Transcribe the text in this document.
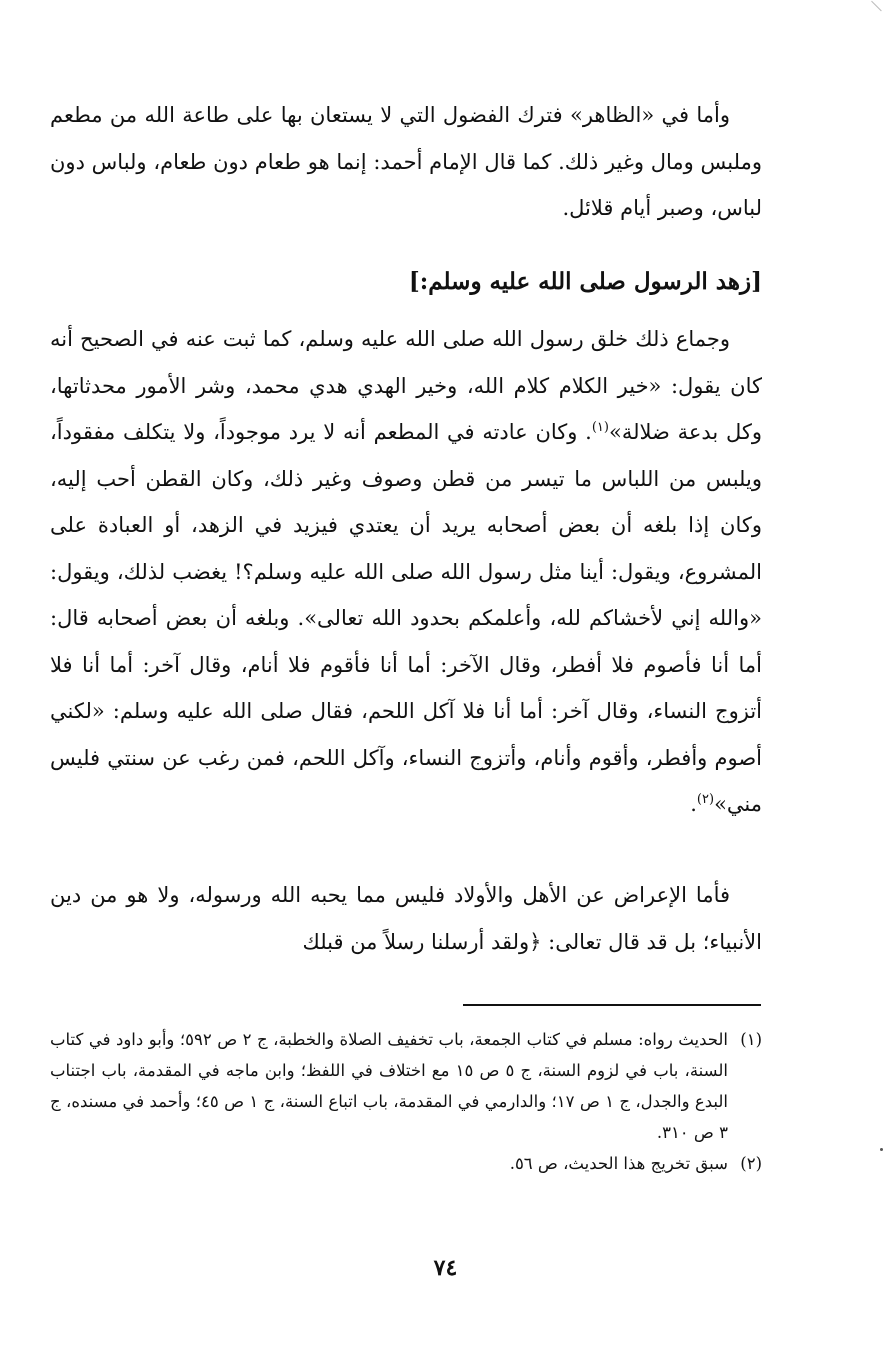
وأما في «الظاهر» فترك الفضول التي لا يستعان بها على طاعة الله من مطعم وملبس ومال وغير ذلك. كما قال الإمام أحمد: إنما هو طعام دون طعام، ولباس دون لباس، وصبر أيام قلائل.

[زهد الرسول صلى الله عليه وسلم:]

وجماع ذلك خلق رسول الله صلى الله عليه وسلم، كما ثبت عنه في الصحيح أنه كان يقول: «خير الكلام كلام الله، وخير الهدي هدي محمد، وشر الأمور محدثاتها، وكل بدعة ضلالة»$^{(١)}$. وكان عادته في المطعم أنه لا يرد موجوداً، ولا يتكلف مفقوداً، ويلبس من اللباس ما تيسر من قطن وصوف وغير ذلك، وكان القطن أحب إليه، وكان إذا بلغه أن بعض أصحابه يريد أن يعتدي فيزيد في الزهد، أو العبادة على المشروع، ويقول: أينا مثل رسول الله صلى الله عليه وسلم؟! يغضب لذلك، ويقول: «والله إني لأخشاكم لله، وأعلمكم بحدود الله تعالى». وبلغه أن بعض أصحابه قال: أما أنا فأصوم فلا أفطر، وقال الآخر: أما أنا فأقوم فلا أنام، وقال آخر: أما أنا فلا أتزوج النساء، وقال آخر: أما أنا فلا آكل اللحم، فقال صلى الله عليه وسلم: «لكني أصوم وأفطر، وأقوم وأنام، وأتزوج النساء، وآكل اللحم، فمن رغب عن سنتي فليس مني»$^{(٢)}$.

فأما الإعراض عن الأهل والأولاد فليس مما يحبه الله ورسوله، ولا هو من دين الأنبياء؛ بل قد قال تعالى: ﴿ولقد أرسلنا رسلاً من قبلك

(١)
الحديث رواه: مسلم في كتاب الجمعة، باب تخفيف الصلاة والخطبة، ج ٢ ص ٥٩٢؛ وأبو داود في كتاب السنة، باب في لزوم السنة، ج ٥ ص ١٥ مع اختلاف في اللفظ؛ وابن ماجه في المقدمة، باب اجتناب البدع والجدل، ج ١ ص ١٧؛ والدارمي في المقدمة، باب اتباع السنة، ج ١ ص ٤٥؛ وأحمد في مسنده، ج ٣ ص ٣١٠.

(٢)
سبق تخريج هذا الحديث، ص ٥٦.

٧٤
